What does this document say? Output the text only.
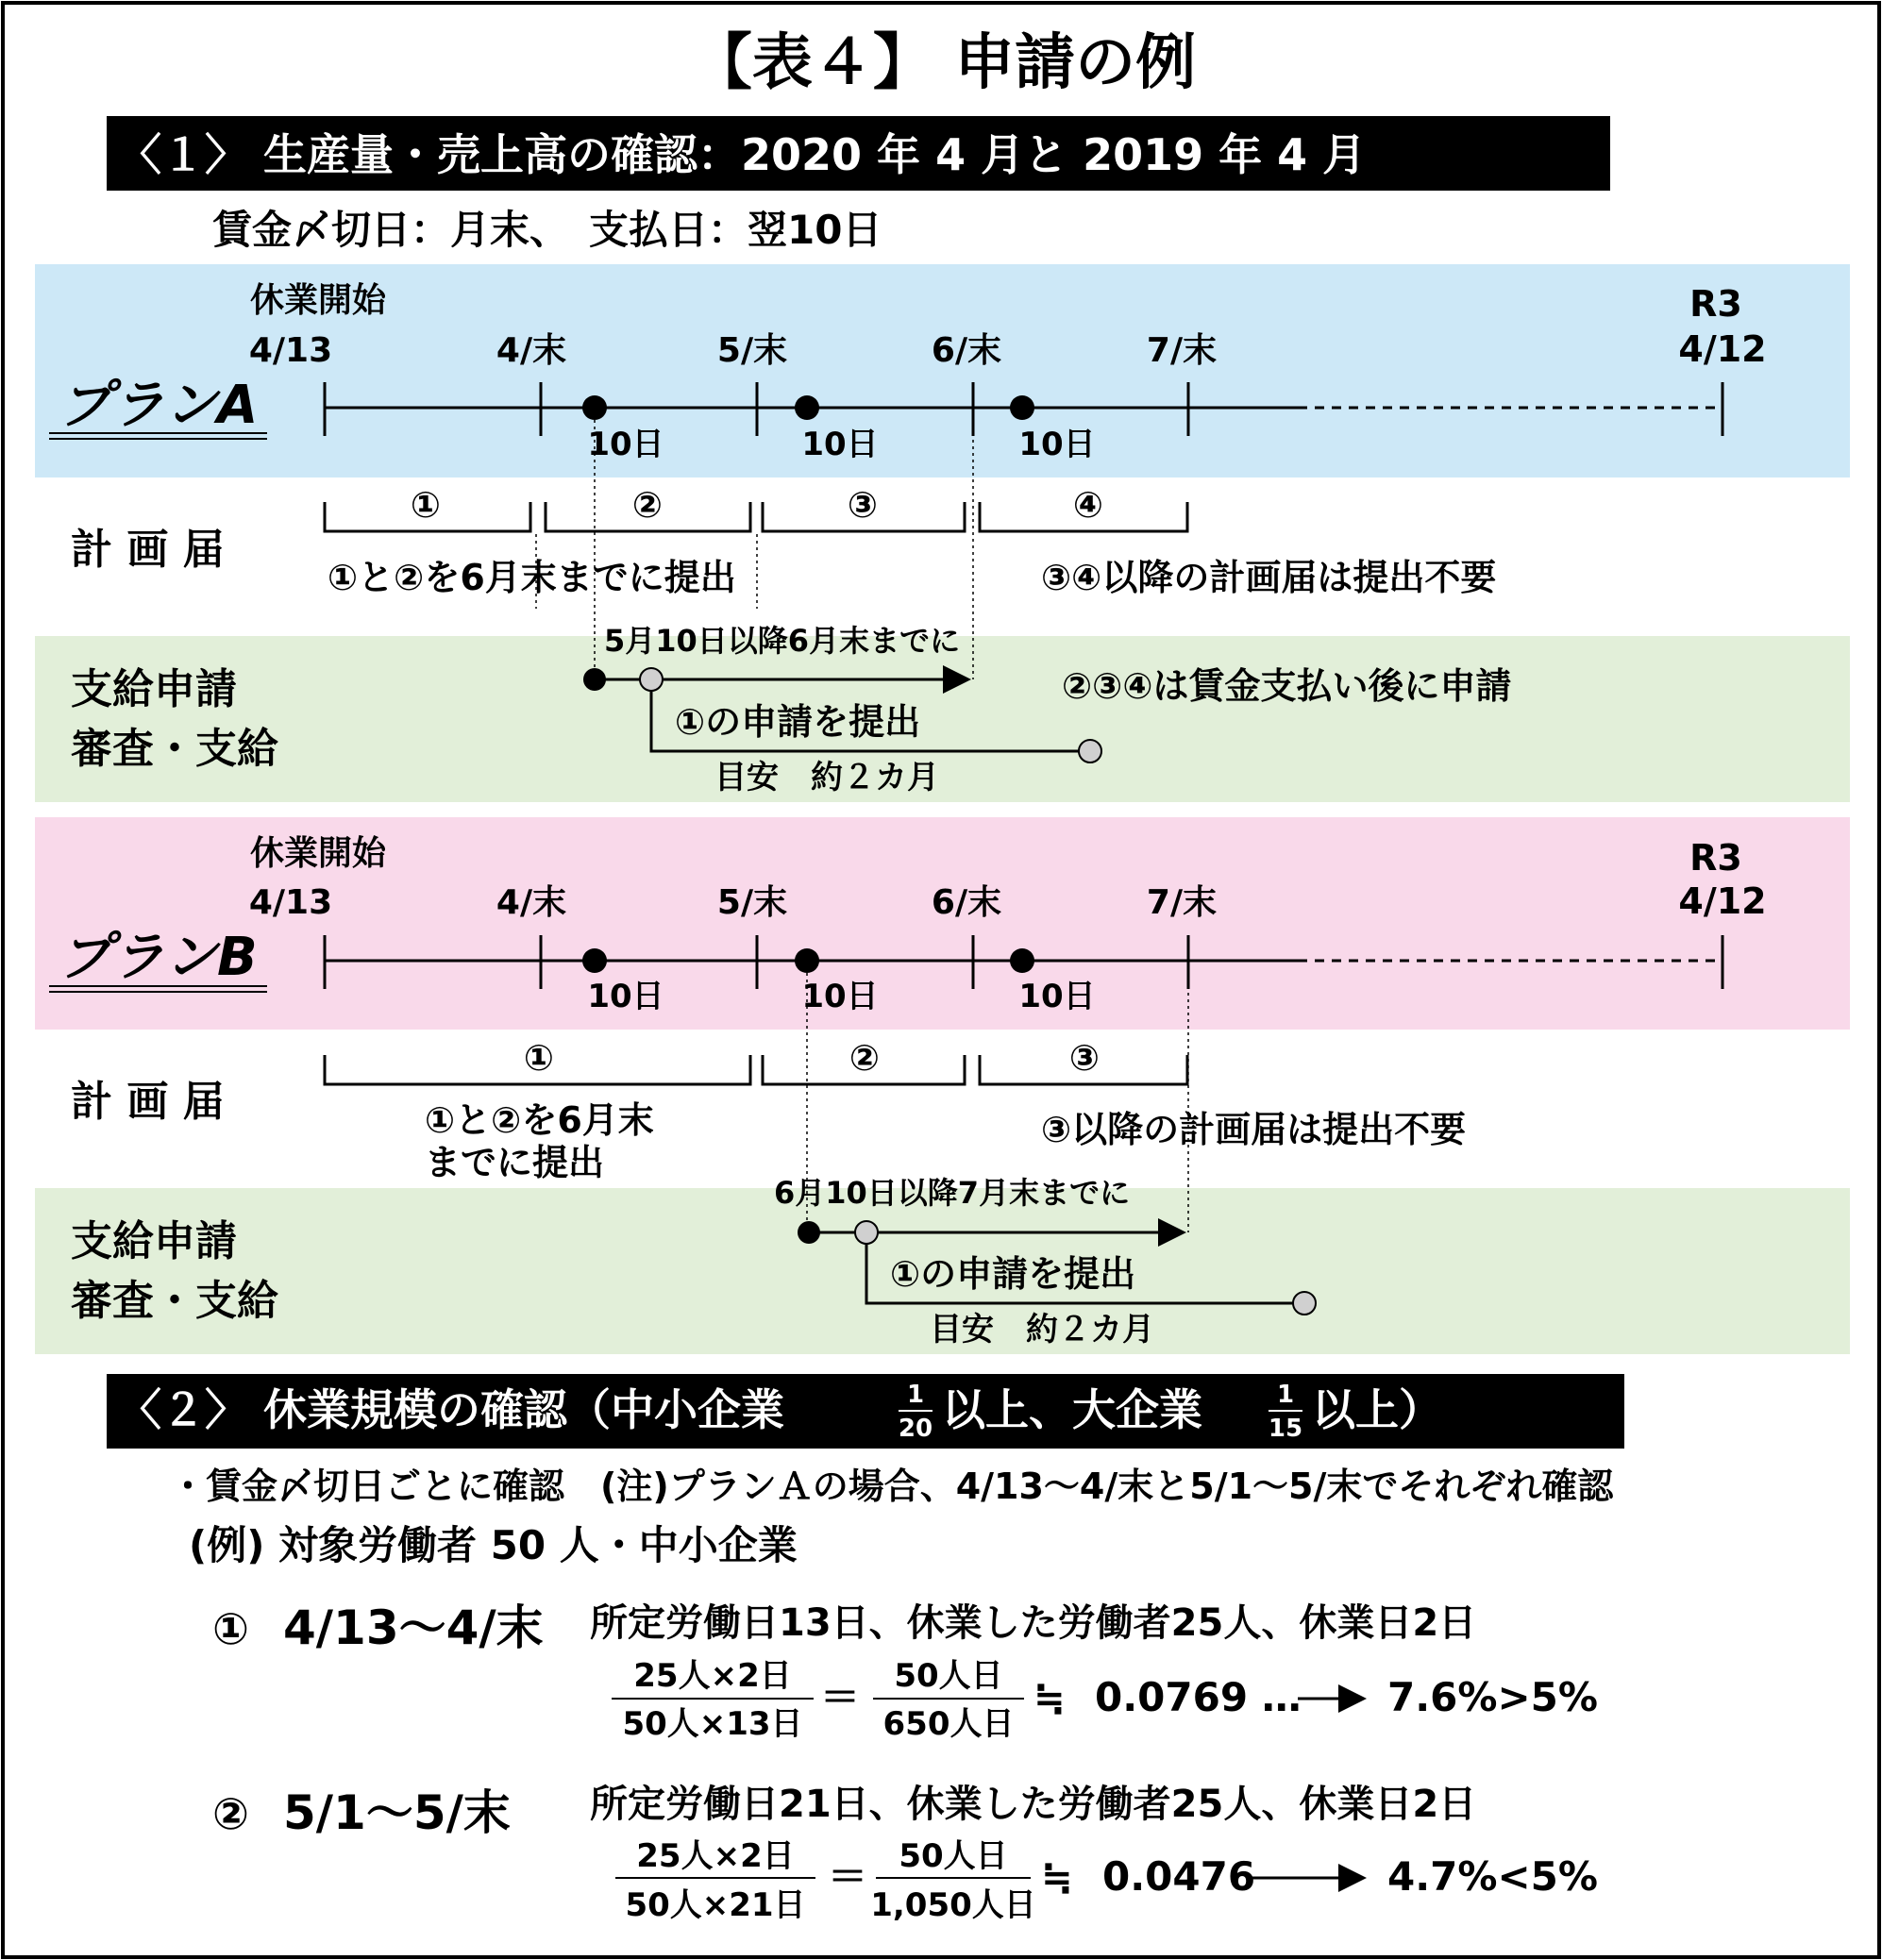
【表４】 申請の例
〈１〉 生産量・売上高の確認：2020 年 4 月と 2019 年 4 月
賃金〆切日：月末、　支払日：翌10日
休業開始
4/13	4/末	5/末	6/末	7/末
R3
4/12
プランA
10日	10日	10日
計 画 届
①	②	③	④
①と②を6月末までに提出	③④以降の計画届は提出不要
支給申請
審査・支給
5月10日以降6月末までに
①の申請を提出
②③④は賃金支払い後に申請
目安　約２カ月
休業開始
4/13	4/末	5/末	6/末	7/末
R3
4/12
プランB
10日	10日	10日
計 画 届
①	②	③
①と②を6月末
までに提出
③以降の計画届は提出不要
支給申請
審査・支給
6月10日以降7月末までに
①の申請を提出
目安　約２カ月
〈２〉 休業規模の確認（中小企業	1
20 以上、大企業	1
15 以上）
・賃金〆切日ごとに確認　(注)プランＡの場合、4/13～4/末と5/1～5/末でそれぞれ確認
(例) 対象労働者 50 人・中小企業
① 4/13～4/末 所定労働日13日、休業した労働者25人、休業日2日
25人×2日
50人×13日
＝ 50人日
650人日
≒ 0.0769 … 7.6%>5%
② 5/1～5/末 所定労働日21日、休業した労働者25人、休業日2日
25人×2日
50人×21日
＝ 50人日
1,050人日
≒ 0.0476	4.7%<5%
